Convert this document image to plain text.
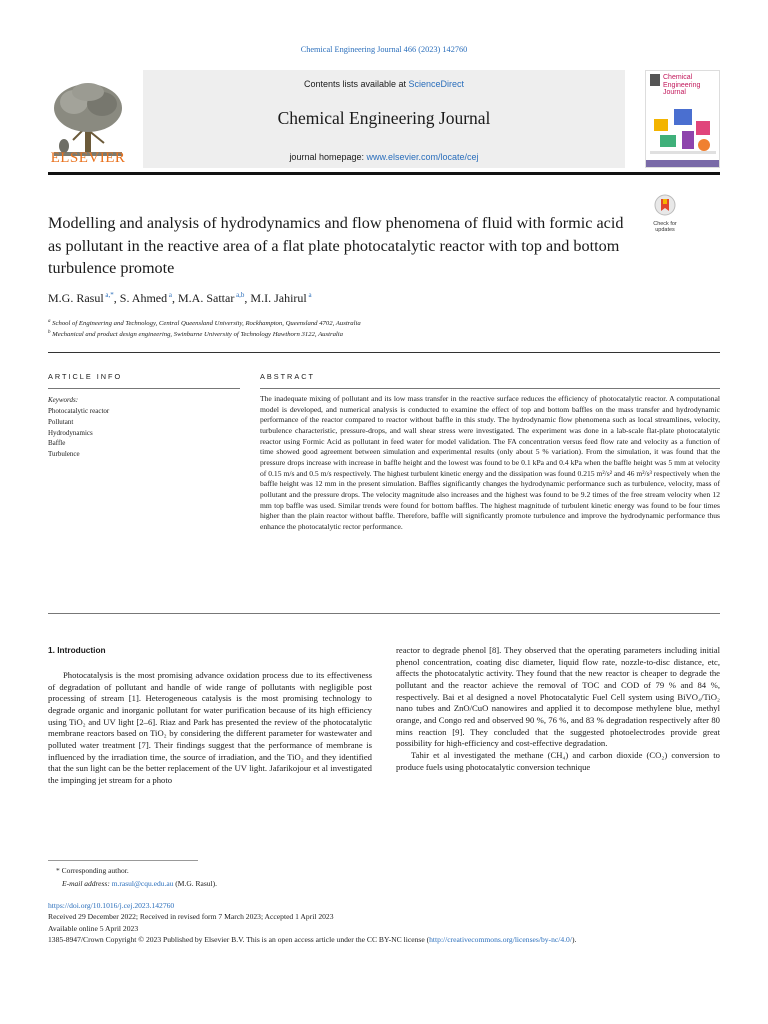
Chemical Engineering Journal 466 (2023) 142760
ELSEVIER
Contents lists available at ScienceDirect
Chemical Engineering Journal
journal homepage: www.elsevier.com/locate/cej
Chemical
Engineering
Journal
Check for
updates
Modelling and analysis of hydrodynamics and flow phenomena of fluid with formic acid as pollutant in the reactive area of a flat plate photocatalytic reactor with top and bottom turbulence promote
M.G. Rasul $^{a,*}$, S. Ahmed $^a$, M.A. Sattar $^{a,b}$, M.I. Jahirul $^a$
$^a$ School of Engineering and Technology, Central Queensland University, Rockhampton, Queensland 4702, Australia
$^b$ Mechanical and product design engineering, Swinburne University of Technology Hawthorn 3122, Australia
ARTICLE INFO	ABSTRACT
Keywords:
Photocatalytic reactor
Pollutant
Hydrodynamics
Baffle
Turbulence

The inadequate mixing of pollutant and its low mass transfer in the reactive surface reduces the efficiency of photocatalytic reactor. A computational model is developed, and numerical analysis is conducted to examine the effect of top and bottom baffles on the mass transfer and hydrodynamic performance of the reactor compared to reactor without baffle in this study. The hydrodynamic flow phenomena such as local streamlines, velocity, turbulence characteristic, pressure-drops, and wall shear stress were investigated. The experiment was done in a lab-scale flat-plate photocatalytic reactor using Formic Acid as pollutant in feed water for model validation. The FA concentration versus feed flow rate and velocity as a function of time showed good agreement between simulation and experimental results (only about 5 % variation). From the simulation, it was found that the pressure drops increase with increase in baffle height and the lowest was found to be 0.1 kPa and 0.4 kPa when the baffle height was 5 mm at velocity of 0.15 m/s and 0.5 m/s respectively. The highest turbulent kinetic energy and the dissipation was found 0.215 m²/s² and 46 m²/s³ respectively when the baffle height was 12 mm in the present simulation. Baffles significantly changes the hydrodynamic performance such as turbulence, velocity, mass of pollutant and the pressure drops. The velocity magnitude also increases and the highest was found to be 9.2 times of the free stream velocity when 12 mm top baffle was used. Similar trends were found for bottom baffles. The highest magnitude of turbulent kinetic energy was found to be four times higher than the plain reactor without baffle. Therefore, baffle will significantly promote turbulence and improve the hydrodynamic performance thus enhance the photocatalytic rector performance.

1. Introduction

Photocatalysis is the most promising advance oxidation process due to its effectiveness of degradation of pollutant and handle of wide range of pollutants with negligible post processing of stream [1]. Heterogeneous catalysis is the most promising technology to degrade organic and inorganic pollutant for water purification because of its high efficiency using TiO₂ and UV light [2–6]. Riaz and Park has presented the review of the photocatalytic membrane reactors based on TiO₂ by considering the different parameter for wastewater and polluted water treatment [7]. Their findings suggest that the performance of membrane is influenced by the irradiation time, the source of irradiation, and the TiO₂ and they identified that the sun light can be the better replacement of the UV light. Jafarikojour et al investigated the impinging jet stream for a photo

reactor to degrade phenol [8]. They observed that the operating parameters including initial phenol concentration, coating disc diameter, liquid flow rate, nozzle-to-disc distance, etc, affects the photocatalytic activity. They found that the new reactor is cheaper to degrade the pollutant and the reactor achieve the removal of TOC and COD of 79 % and 84 %, respectively. Bai et al designed a novel Photocatalytic Fuel Cell system using BiVO₄/TiO₂ nano tubes and ZnO/CuO nanowires and applied it to decompose methylene blue, methyl orange, and Congo red and observed 90 %, 76 %, and 83 % degradation respectively after 80 mins reaction [9]. They concluded that the suggested photoelectrodes provide great possibility for high-efficiency and cost-effective degradation.

Tahir et al investigated the methane (CH₄) and carbon dioxide (CO₂) conversion to produce fuels using photocatalytic conversion technique

* Corresponding author.
E-mail address: m.rasul@cqu.edu.au (M.G. Rasul).
https://doi.org/10.1016/j.cej.2023.142760
Received 29 December 2022; Received in revised form 7 March 2023; Accepted 1 April 2023
Available online 5 April 2023
1385-8947/Crown Copyright © 2023 Published by Elsevier B.V. This is an open access article under the CC BY-NC license (http://creativecommons.org/licenses/by-nc/4.0/).
